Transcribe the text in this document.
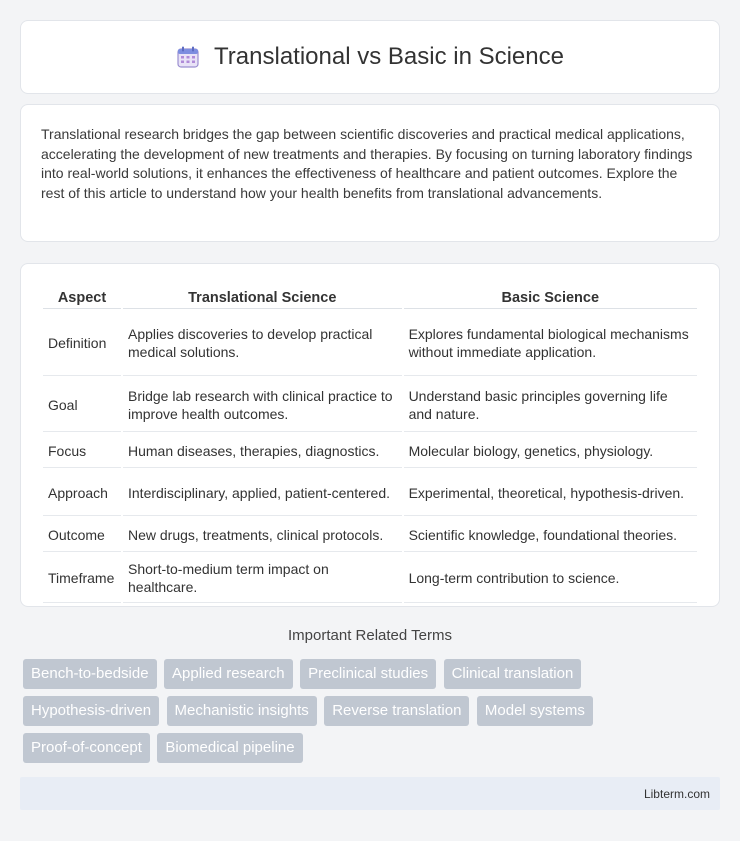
Translational vs Basic in Science

Translational research bridges the gap between scientific discoveries and practical medical applications, accelerating the development of new treatments and therapies. By focusing on turning laboratory findings into real-world solutions, it enhances the effectiveness of healthcare and patient outcomes. Explore the rest of this article to understand how your health benefits from translational advancements.

Aspect	Translational Science	Basic Science
Definition	Applies discoveries to develop practical medical solutions.	Explores fundamental biological mechanisms without immediate application.
Goal	Bridge lab research with clinical practice to improve health outcomes.	Understand basic principles governing life and nature.
Focus	Human diseases, therapies, diagnostics.	Molecular biology, genetics, physiology.
Approach	Interdisciplinary, applied, patient-centered.	Experimental, theoretical, hypothesis-driven.
Outcome	New drugs, treatments, clinical protocols.	Scientific knowledge, foundational theories.
Timeframe	Short-to-medium term impact on healthcare.	Long-term contribution to science.
Important Related Terms
Bench-to-bedside Applied research Preclinical studies Clinical translation
Hypothesis-driven Mechanistic insights Reverse translation Model systems
Proof-of-concept Biomedical pipeline
Libterm.com
